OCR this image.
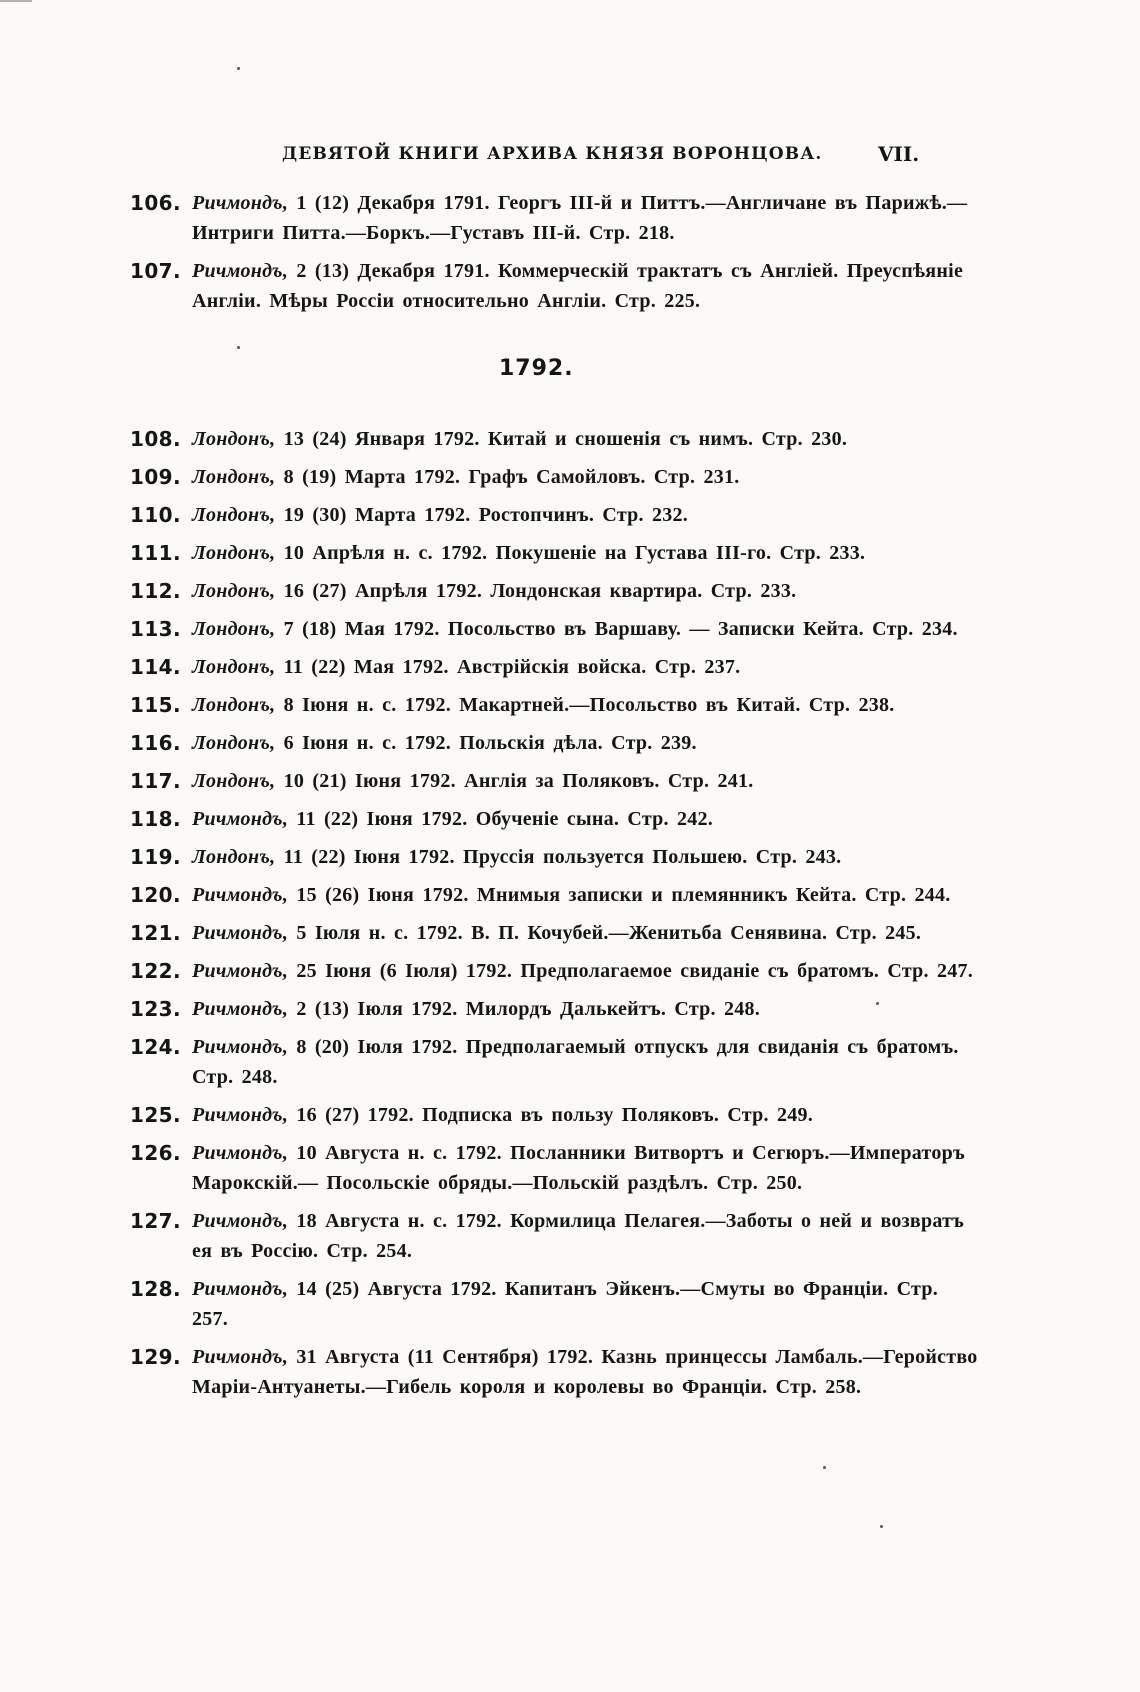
ДЕВЯТОЙ КНИГИ АРХИВА КНЯЗЯ ВОРОНЦОВА.	VII.
106. Ричмондъ, 1 (12) Декабря 1791. Георгъ III-й и Питтъ.—Англичане въ Парижѣ.—Интриги Питта.—Боркъ.—Густавъ III-й. Стр. 218.
107. Ричмондъ, 2 (13) Декабря 1791. Коммерческій трактатъ съ Англіей. Преуспѣяніе Англіи. Мѣры Россіи относительно Англіи. Стр. 225.
1792.
108. Лондонъ, 13 (24) Января 1792. Китай и сношенія съ нимъ. Стр. 230.
109. Лондонъ, 8 (19) Марта 1792. Графъ Самойловъ. Стр. 231.
110. Лондонъ, 19 (30) Марта 1792. Ростопчинъ. Стр. 232.
111. Лондонъ, 10 Апрѣля н. с. 1792. Покушеніе на Густава III-го. Стр. 233.
112. Лондонъ, 16 (27) Апрѣля 1792. Лондонская квартира. Стр. 233.
113. Лондонъ, 7 (18) Мая 1792. Посольство въ Варшаву. — Записки Кейта. Стр. 234.
114. Лондонъ, 11 (22) Мая 1792. Австрійскія войска. Стр. 237.
115. Лондонъ, 8 Іюня н. с. 1792. Макартней.—Посольство въ Китай. Стр. 238.
116. Лондонъ, 6 Іюня н. с. 1792. Польскія дѣла. Стр. 239.
117. Лондонъ, 10 (21) Іюня 1792. Англія за Поляковъ. Стр. 241.
118. Ричмондъ, 11 (22) Іюня 1792. Обученіе сына. Стр. 242.
119. Лондонъ, 11 (22) Іюня 1792. Пруссія пользуется Польшею. Стр. 243.
120. Ричмондъ, 15 (26) Іюня 1792. Мнимыя записки и племянникъ Кейта. Стр. 244.
121. Ричмондъ, 5 Іюля н. с. 1792. В. П. Кочубей.—Женитьба Сенявина. Стр. 245.
122. Ричмондъ, 25 Іюня (6 Іюля) 1792. Предполагаемое свиданіе съ братомъ. Стр. 247.
123. Ричмондъ, 2 (13) Іюля 1792. Милордъ Далькейтъ. Стр. 248.
124. Ричмондъ, 8 (20) Іюля 1792. Предполагаемый отпускъ для свиданія съ братомъ. Стр. 248.
125. Ричмондъ, 16 (27) 1792. Подписка въ пользу Поляковъ. Стр. 249.
126. Ричмондъ, 10 Августа н. с. 1792. Посланники Витвортъ и Сегюръ.—Императоръ Марокскій.— Посольскіе обряды.—Польскій раздѣлъ. Стр. 250.
127. Ричмондъ, 18 Августа н. с. 1792. Кормилица Пелагея.—Заботы о ней и возвратъ ея въ Россію. Стр. 254.
128. Ричмондъ, 14 (25) Августа 1792. Капитанъ Эйкенъ.—Смуты во Франціи. Стр. 257.
129. Ричмондъ, 31 Августа (11 Сентября) 1792. Казнь принцессы Ламбаль.—Геройство Маріи-Антуанеты.—Гибель короля и королевы во Франціи. Стр. 258.
